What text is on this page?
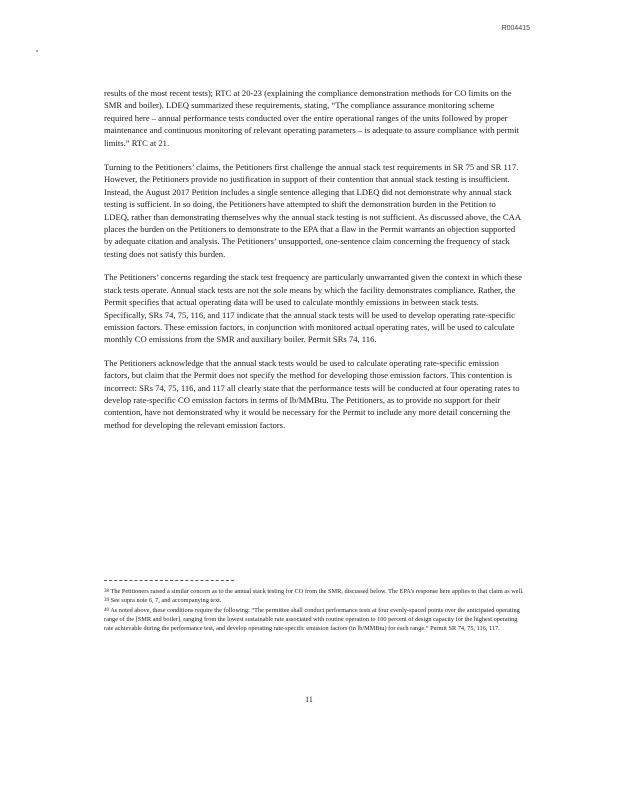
R004415

results of the most recent tests); RTC at 20-23 (explaining the compliance demonstration methods for CO limits on the SMR and boiler). LDEQ summarized these requirements, stating, “The compliance assurance monitoring scheme required here – annual performance tests conducted over the entire operational ranges of the units followed by proper maintenance and continuous monitoring of relevant operating parameters – is adequate to assure compliance with permit limits.” RTC at 21.

Turning to the Petitioners’ claims, the Petitioners first challenge the annual stack test requirements in SR 75 and SR 117. However, the Petitioners provide no justification in support of their contention that annual stack testing is insufficient. Instead, the August 2017 Petition includes a single sentence alleging that LDEQ did not demonstrate why annual stack testing is sufficient. In so doing, the Petitioners have attempted to shift the demonstration burden in the Petition to LDEQ, rather than demonstrating themselves why the annual stack testing is not sufficient. As discussed above, the CAA places the burden on the Petitioners to demonstrate to the EPA that a flaw in the Permit warrants an objection supported by adequate citation and analysis. The Petitioners’ unsupported, one-sentence claim concerning the frequency of stack testing does not satisfy this burden.

The Petitioners’ concerns regarding the stack test frequency are particularly unwarranted given the context in which these stack tests operate. Annual stack tests are not the sole means by which the facility demonstrates compliance. Rather, the Permit specifies that actual operating data will be used to calculate monthly emissions in between stack tests. Specifically, SRs 74, 75, 116, and 117 indicate that the annual stack tests will be used to develop operating rate-specific emission factors. These emission factors, in conjunction with monitored actual operating rates, will be used to calculate monthly CO emissions from the SMR and auxiliary boiler. Permit SRs 74, 116.

The Petitioners acknowledge that the annual stack tests would be used to calculate operating rate-specific emission factors, but claim that the Permit does not specify the method for developing those emission factors. This contention is incorrect: SRs 74, 75, 116, and 117 all clearly state that the performance tests will be conducted at four operating rates to develop rate-specific CO emission factors in terms of lb/MMBtu. The Petitioners, as to provide no support for their contention, have not demonstrated why it would be necessary for the Permit to include any more detail concerning the method for developing the relevant emission factors.

$^{38}$ The Petitioners raised a similar concern as to the annual stack testing for CO from the SMR, discussed below. The EPA’s response here applies to that claim as well.

$^{39}$ See supra note 6, 7, and accompanying text.

$^{40}$ As noted above, these conditions require the following: “The permittee shall conduct performance tests at four evenly-spaced points over the anticipated operating range of the [SMR and boiler], ranging from the lowest sustainable rate associated with routine operation to 100 percent of design capacity for the highest operating rate achievable during the performance test, and develop operating rate-specific emission factors (in lb/MMBtu) for each range.” Permit SR 74, 75, 116, 117.

11
